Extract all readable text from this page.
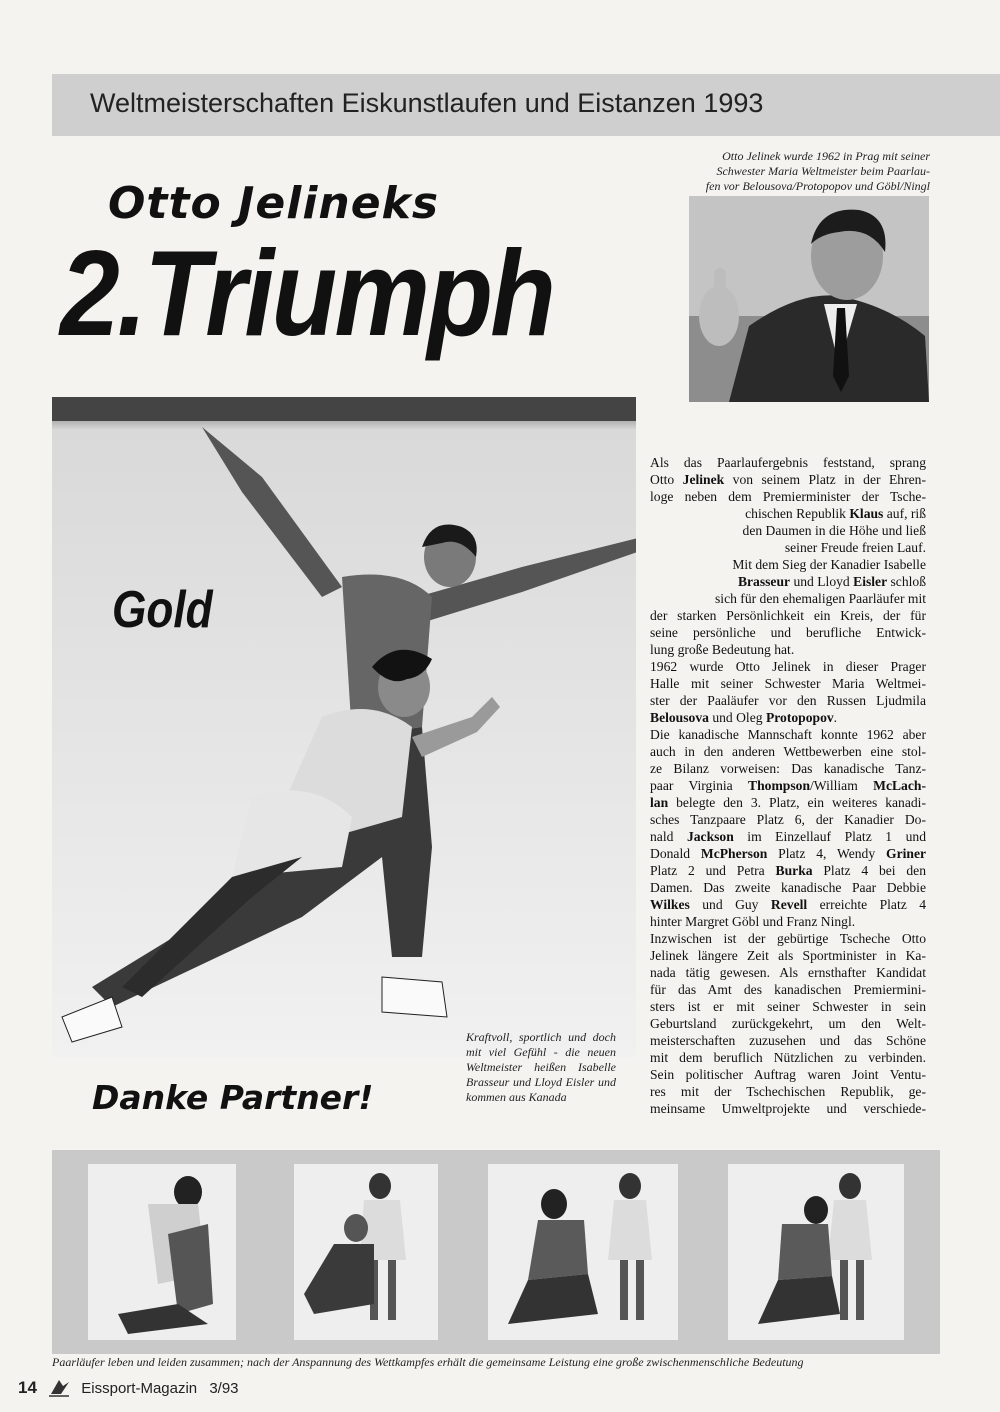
Weltmeisterschaften Eiskunstlaufen und Eistanzen 1993
Otto Jelineks
2.Triumph
Otto Jelinek wurde 1962 in Prag mit seiner
Schwester Maria Weltmeister beim Paarlau-
fen vor Belousova/Protopopov und Göbl/Ningl
Gold
Danke Partner!
Kraftvoll, sportlich und doch mit viel Gefühl - die neuen Weltmeister heißen Isabelle Brasseur und Lloyd Eisler und kommen aus Kanada
Als das Paarlaufergebnis feststand, sprang
Otto Jelinek von seinem Platz in der Ehren-
loge neben dem Premierminister der Tsche-
chischen Republik Klaus auf, riß
den Daumen in die Höhe und ließ
seiner Freude freien Lauf.
Mit dem Sieg der Kanadier Isabelle
Brasseur und Lloyd Eisler schloß
sich für den ehemaligen Paarläufer mit
der starken Persönlichkeit ein Kreis, der für
seine persönliche und berufliche Entwick-
lung große Bedeutung hat.
1962 wurde Otto Jelinek in dieser Prager
Halle mit seiner Schwester Maria Weltmei-
ster der Paaläufer vor den Russen Ljudmila
Belousova und Oleg Protopopov.
Die kanadische Mannschaft konnte 1962 aber
auch in den anderen Wettbewerben eine stol-
ze Bilanz vorweisen: Das kanadische Tanz-
paar Virginia Thompson/William McLach-
lan belegte den 3. Platz, ein weiteres kanadi-
sches Tanzpaare Platz 6, der Kanadier Do-
nald Jackson im Einzellauf Platz 1 und
Donald McPherson Platz 4, Wendy Griner
Platz 2 und Petra Burka Platz 4 bei den
Damen. Das zweite kanadische Paar Debbie
Wilkes und Guy Revell erreichte Platz 4
hinter Margret Göbl und Franz Ningl.
Inzwischen ist der gebürtige Tscheche Otto
Jelinek längere Zeit als Sportminister in Ka-
nada tätig gewesen. Als ernsthafter Kandidat
für das Amt des kanadischen Premiermini-
sters ist er mit seiner Schwester in sein
Geburtsland zurückgekehrt, um den Welt-
meisterschaften zuzusehen und das Schöne
mit dem beruflich Nützlichen zu verbinden.
Sein politischer Auftrag waren Joint Ventu-
res mit der Tschechischen Republik, ge-
meinsame Umweltprojekte und verschiede-
Paarläufer leben und leiden zusammen; nach der Anspannung des Wettkampfes erhält die gemeinsame Leistung eine große zwischenmenschliche Bedeutung
14	Eissport-Magazin 3/93
